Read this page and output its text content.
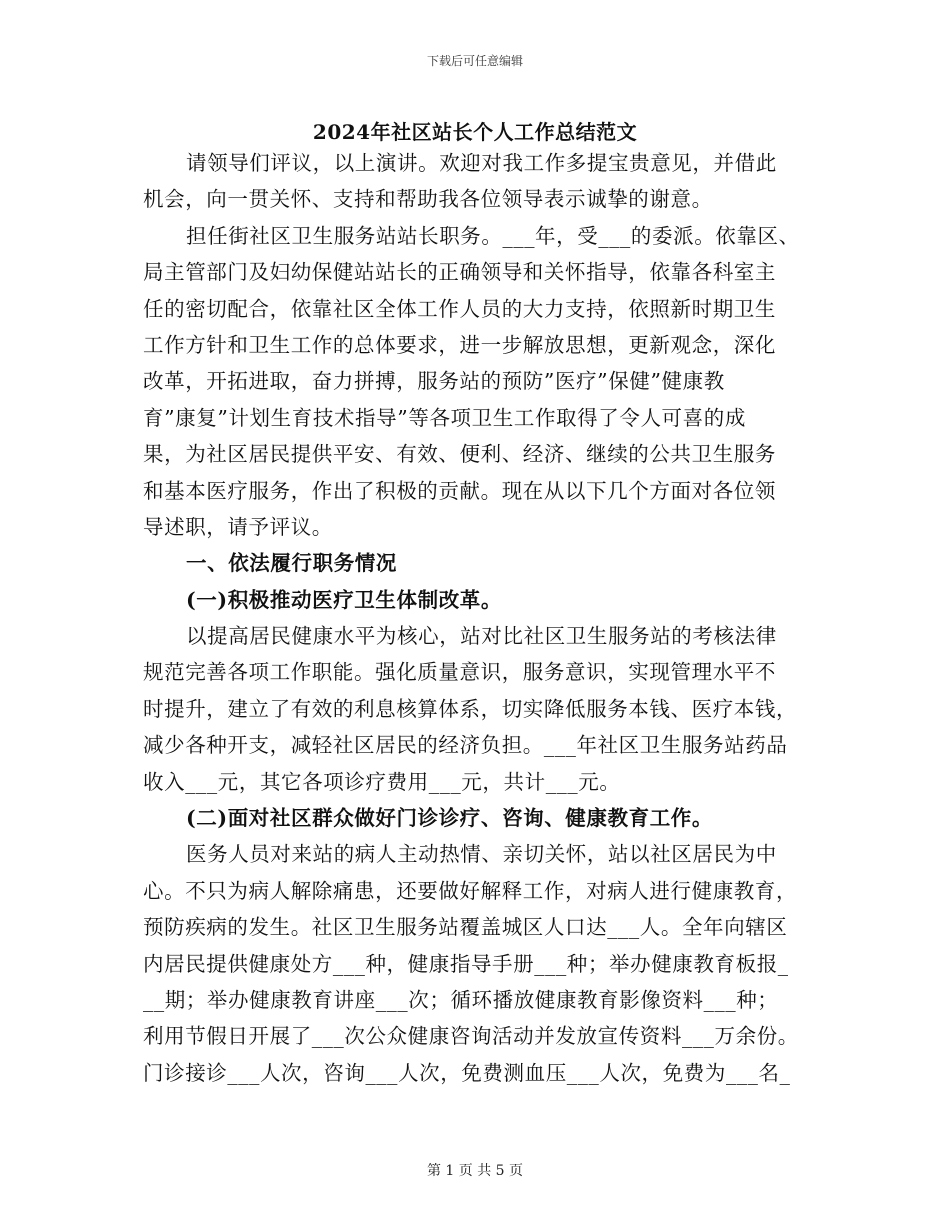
下载后可任意编辑
2024年社区站长个人工作总结范文
请领导们评议，以上演讲。欢迎对我工作多提宝贵意见，并借此
机会，向一贯关怀、支持和帮助我各位领导表示诚挚的谢意。
担任街社区卫生服务站站长职务。___年，受___的委派。依靠区、
局主管部门及妇幼保健站站长的正确领导和关怀指导，依靠各科室主
任的密切配合，依靠社区全体工作人员的大力支持，依照新时期卫生
工作方针和卫生工作的总体要求，进一步解放思想，更新观念，深化
改革，开拓进取，奋力拼搏，服务站的预防”医疗”保健”健康教
育”康复”计划生育技术指导”等各项卫生工作取得了令人可喜的成
果，为社区居民提供平安、有效、便利、经济、继续的公共卫生服务
和基本医疗服务，作出了积极的贡献。现在从以下几个方面对各位领
导述职，请予评议。
一、依法履行职务情况
(一)积极推动医疗卫生体制改革。
以提高居民健康水平为核心，站对比社区卫生服务站的考核法律
规范完善各项工作职能。强化质量意识，服务意识，实现管理水平不
时提升，建立了有效的利息核算体系，切实降低服务本钱、医疗本钱，
减少各种开支，减轻社区居民的经济负担。___年社区卫生服务站药品
收入___元，其它各项诊疗费用___元，共计___元。
(二)面对社区群众做好门诊诊疗、咨询、健康教育工作。
医务人员对来站的病人主动热情、亲切关怀，站以社区居民为中
心。不只为病人解除痛患，还要做好解释工作，对病人进行健康教育，
预防疾病的发生。社区卫生服务站覆盖城区人口达___人。全年向辖区
内居民提供健康处方___种，健康指导手册___种；举办健康教育板报_
__期；举办健康教育讲座___次；循环播放健康教育影像资料___种；
利用节假日开展了___次公众健康咨询活动并发放宣传资料___万余份。
门诊接诊___人次，咨询___人次，免费测血压___人次，免费为___名_
第 1 页 共 5 页
